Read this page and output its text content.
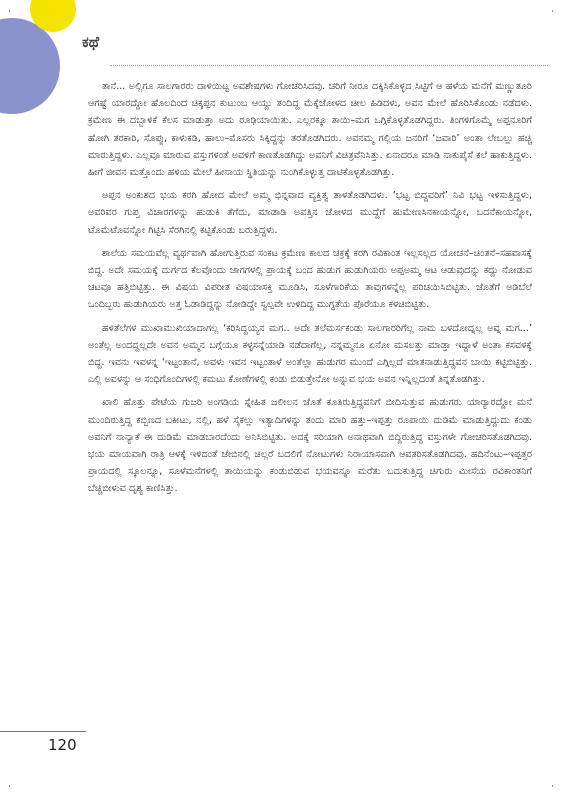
‧	‧
‧	‧
ಕಥೆ

ತಾನೆ... ಅಲ್ಲಿಗೂ ಸಾಲಗಾರರು ದಾಳಿಯಿಟ್ಟ ಅವಶೇಷಗಳು ಗೋಚರಿಸಿದವು. ಚರಿಗೆ ನೀರೂ ದಕ್ಕಿಸಿಕೊಳ್ಳದ ಸಿಟ್ಟಿಗೆ ಆ ಹಳೆಯ ಮನೆಗೆ ಮಣ್ಣುತೂರಿ ಆಗಷ್ಟೆ ಯಾರದ್ದೋ ಹೊಲದಿಂದ ಚಿಕ್ಕಪ್ಪನ ಕುಟುಂಬ ಆಯ್ದು ತಂದಿದ್ದ ಮೆಕ್ಕೆಜೋಳದ ಚೀಲ ಹಿಡಿದಳು, ಅವನ ಮೇಲೆ ಹೊರಿಸಿಕೊಂಡು ನಡೆದಳು. ಕ್ರಮೇಣ ಈ ದಬ್ಬಾಳಿಕೆ ಕೆಲಸ ಮಾಡುತ್ತಾ ಅದು ರೂಢಿಯಾಯಿತು. ಎಲ್ಲರಕ್ಕೂ ತಾಯಿ–ಮಗ ಒಗ್ಗಿಕೊಳ್ಳತೊಡಗಿದ್ದರು. ತಿಂಗಳಿಗೊಮ್ಮೆ ಅಪ್ಪನೂರಿಗೆ ಹೋಗಿ ತರಕಾರಿ, ಸೊಪ್ಪು, ಕಾಳುಕಡಿ, ಹಾಲು–ಮೊಸರು ಸಿಕ್ಕಿದ್ದನ್ನು ತರತೊಡಗಿದರು. ಅವನಮ್ಮ ಗಲ್ಲಿಯ ಜನರಿಗೆ ‘ಜವಾರಿ’ ಅಂತಾ ಲೇಬಲ್ಲು ಹಚ್ಚಿ ಮಾರುತ್ತಿದ್ದಳು. ಎಲ್ಲವೂ ಮಾರುವ ವಸ್ತುಗಳಂತೆ ಅವಳಿಗೆ ಕಾಣತೊಡಗಿದ್ದು ಅವನಿಗೆ ವಿಚಿತ್ರವೆನಿಸಿತ್ತು. ಏನಾದರೂ ಮಾಡಿ ನಾಕುಪೈಸೆ ಕಲೆ ಹಾಕುತ್ತಿದ್ದಳು. ಹೀಗೆ ಜೀವನ ಮತ್ತೊಂದು ಹಳಿಯ ಮೇಲೆ ಹೀನಾಯ ಸ್ಥಿತಿಯನ್ನು ನುಂಗಿಕೊಳ್ಳುತ್ತ ದಾಟಿಕೊಳ್ಳತೊಡಗಿತ್ತು.

ಅಪ್ಪನ ಅಂಕುಶದ ಭಯ ಕರಗಿ ಹೋದ ಮೇಲೆ ಅಮ್ಮ ಭಿನ್ನವಾದ ವ್ಯಕ್ತಿತ್ವ ತಾಳತೊಡಗಿದಳು. ‘ಭಟ್ಟ ಬಿದ್ದವರಿಗೆ’ ನಿವಿ ಭಟ್ಟ ಇಳಿಸುತ್ತಿದ್ದಳು, ಅವರಿವರ ಗುಪ್ತ ವಿಚಾರಗಳನ್ನು ಹುಡುಕಿ ತೆಗೆದು, ಮಾಡಾಡಿ ಅವತ್ತಿನ ಜೋಳದ ಮುದ್ದೆಗೆ ಹುಮೇಣಸಿನಕಾಯನ್ನೋ, ಬದನೆಕಾಯನ್ನೋ, ಟೊಮೆಟೊವನ್ನೋ ಗಿಟ್ಟಿಸಿ ಸೆರಗಿನಲ್ಲಿ ಕಟ್ಟಿಕೊಂಡು ಬರುತ್ತಿದ್ದಳು.

ಶಾಲೆಯ ಸಮಯವೆಲ್ಲ ವ್ಯರ್ಥವಾಗಿ ಹೋಗುತ್ತಿರುವ ಸಂಕಟ ಕ್ರಮೇಣ ಕಾಲದ ಚಕ್ರಕ್ಕೆ ಕರಗಿ ರವಿಕಾಂತ ಇಲ್ಲಸಲ್ಲದ ಯೋಚನೆ–ಚಿಂತನೆ–ಸಹವಾಸಕ್ಕೆ ಬಿದ್ದ. ಅದೇ ಸಮಯಕ್ಕೆ ದುರ್ಗದ ಕೆಲವೊಂದು ಜಾಗಗಳಲ್ಲಿ ಪ್ರಾಯಕ್ಕೆ ಬಂದ ಹುಡುಗ ಹುಡುಗಿಯರು ಅಪ್ಪಅಮ್ಮ ಆಟ ಆಡುವುದನ್ನು ಕದ್ದು ನೋಡುವ ಚಟವೂ ಹತ್ತಿಬಿಟ್ಟಿತ್ತು. ಈ ವಿಷಯ ವಿಪರೀತ ವಿಷಯಾಸಕ್ತಿ ಮೂಡಿಸಿ, ಸೂಳೆಗಾರಿಕೆಯ ತಾವುಗಳನ್ನೆಲ್ಲ ಪರಿಚಯಿಸಿಬಿಟ್ಟಿತು. ಜೊತೆಗೆ ಅಡಿಬೆಲೆ ಒಂದಿಬ್ಬರು ಹುಡುಗಿಯರು ಅತ್ತ ಓಡಾಡಿದ್ದನ್ನು ನೋಡಿದ್ದೇ ಸ್ವಲ್ಪವೇ ಉಳಿದಿದ್ದ ಮುಗ್ಧತೆಯ ಪೊರೆಯೂ ಕಳಚಿಬಿಟ್ಟಿತು.

ಹಳಿತೆಲೆಗಳ ಮುಖಾಮುಖಿಯಾದಾಗಲ್ಲ ‘ಕರಿಸಿದ್ದಯ್ಯನ ಮಗ.. ಅದೇ ತಲೆಮರ್ಸಕಂಡು ಸಾಲಗಾರರಿಗೆಲ್ಲ ನಾಮ ಬಳದೋದ್ನಲ್ಲ ಅವ್ನ ಮಗ...’ ಅಂತೆಲ್ಲ ಅಂದದ್ದಲ್ಲದೇ ಅವನ ಅಮ್ಮನ ಬಗ್ಗೆಯೂ ಕಳ್ಳಸನ್ನೆಯಾಡಿ ನಡೆದಾಗೆಲ್ಲ, ನನ್ನಮ್ಮನೂ ಏನೋ ಮಸಲತ್ತು ಮಾಡ್ತಾ ಇದ್ದಾಳೆ ಅಂತಾ ಕಸವಳಕ್ಕೆ ಬಿದ್ದ. ಇವನು ಇವಳನ್ನ ‘ಇಟ್ಟಂತಾನೆ, ಅವಳು ಇವನ ಇಟ್ಟಂತಾಳೆ ಅಂತೆಲ್ಲಾ ಹುಡುಗರ ಮುಂದೆ ಎಗ್ಗಿಲ್ಲದೆ ಮಾತನಾಡುತ್ತಿದ್ದವನ ಬಾಯಿ ಕಟ್ಟಿಬಿಟ್ಟಿತ್ತು. ಎಲ್ಲಿ ಅವಳನ್ನು ಆ ಸಂಧಿಗೊಂದಿಗಳಲ್ಲಿ ಕಮಟು ಕೋಣೆಗಳಲ್ಲಿ ಕಂಡು ಬಿಡುತ್ತೇನೋ ಅನ್ನುವ ಭಯ ಅವನ ಇನ್ನಿಲ್ಲದಂತೆ ತಿನ್ನತೊಡಗಿತ್ತು.

ಖಾಲಿ ಹೊತ್ತು ಪೇಟೆಯ ಗುಜರಿ ಅಂಗಡಿಯ ಸ್ನೇಹಿತ ಜಲೀಲನ ಜೊತೆ ಕೂತಿರುತ್ತಿದ್ದವನಿಗೆ ಬೀದಿಸುತ್ತುವ ಹುಡುಗರು ಯಾರ್‍ಯಾರದ್ದೋ ಮನೆ ಮುಂದಿರುತ್ತಿದ್ದ ಕಬ್ಬಿಣದ ಬಕೀಟು, ನಲ್ಲಿ, ಹಳೆ ಸೈಕಲ್ಲು ಇತ್ಯಾದಿಗಳನ್ನು ತಂದು ಮಾರಿ ಹತ್ತು–ಇಪ್ಪತ್ತು ರೂಪಾಯಿ ದುಡಿಮೆ ಮಾಡುತ್ತಿದ್ದುದು ಕಂಡು ಅವನಿಗೆ ನಾನ್ಯಾಕೆ ಈ ದುಡಿಮೆ ಮಾಡಬಾರದೆಂದು ಅನಿಸಿಬಿಟ್ಟಿತು. ಅದಕ್ಕೆ ಸರಿಯಾಗಿ ಅನಾಥವಾಗಿ ಬಿದ್ದಿರುತ್ತಿದ್ದ ವಸ್ತುಗಳೇ ಗೋಚರಿಸತೊಡಗಿದವು. ಭಯ ಮಾಯವಾಗಿ ರಾತ್ರಿ ಆಳಕ್ಕೆ ಇಳಿದಂತೆ ಜೇಬಿನಲ್ಲಿ ಚಿಲ್ಲರೆ ಬದಲಿಗೆ ನೋಟುಗಳು ನಿರಾಯಾಸವಾಗಿ ಆವತರಿಸತೊಡಗಿದವು. ಹದಿನೆಂಟು–ಇಪ್ಪತ್ತರ ಪ್ರಾಯದಲ್ಲಿ ಸ್ಕೂಲನ್ನೂ, ಸೂಳೆಮನೆಗಳಲ್ಲಿ ತಾಯಿಯನ್ನು ಕಂಡುಬಿಡುವ ಭಯವನ್ನೂ ಮರೆತು ಬದುಕುತ್ತಿದ್ದ ಚಿಗುರು ಮೀಸೆಯ ರವಿಕಾಂತನಿಗೆ ಬೆಚ್ಚಿಬೀಳುವ ದೃಶ್ಯ ಕಾಣಿಸಿತ್ತು.

120
